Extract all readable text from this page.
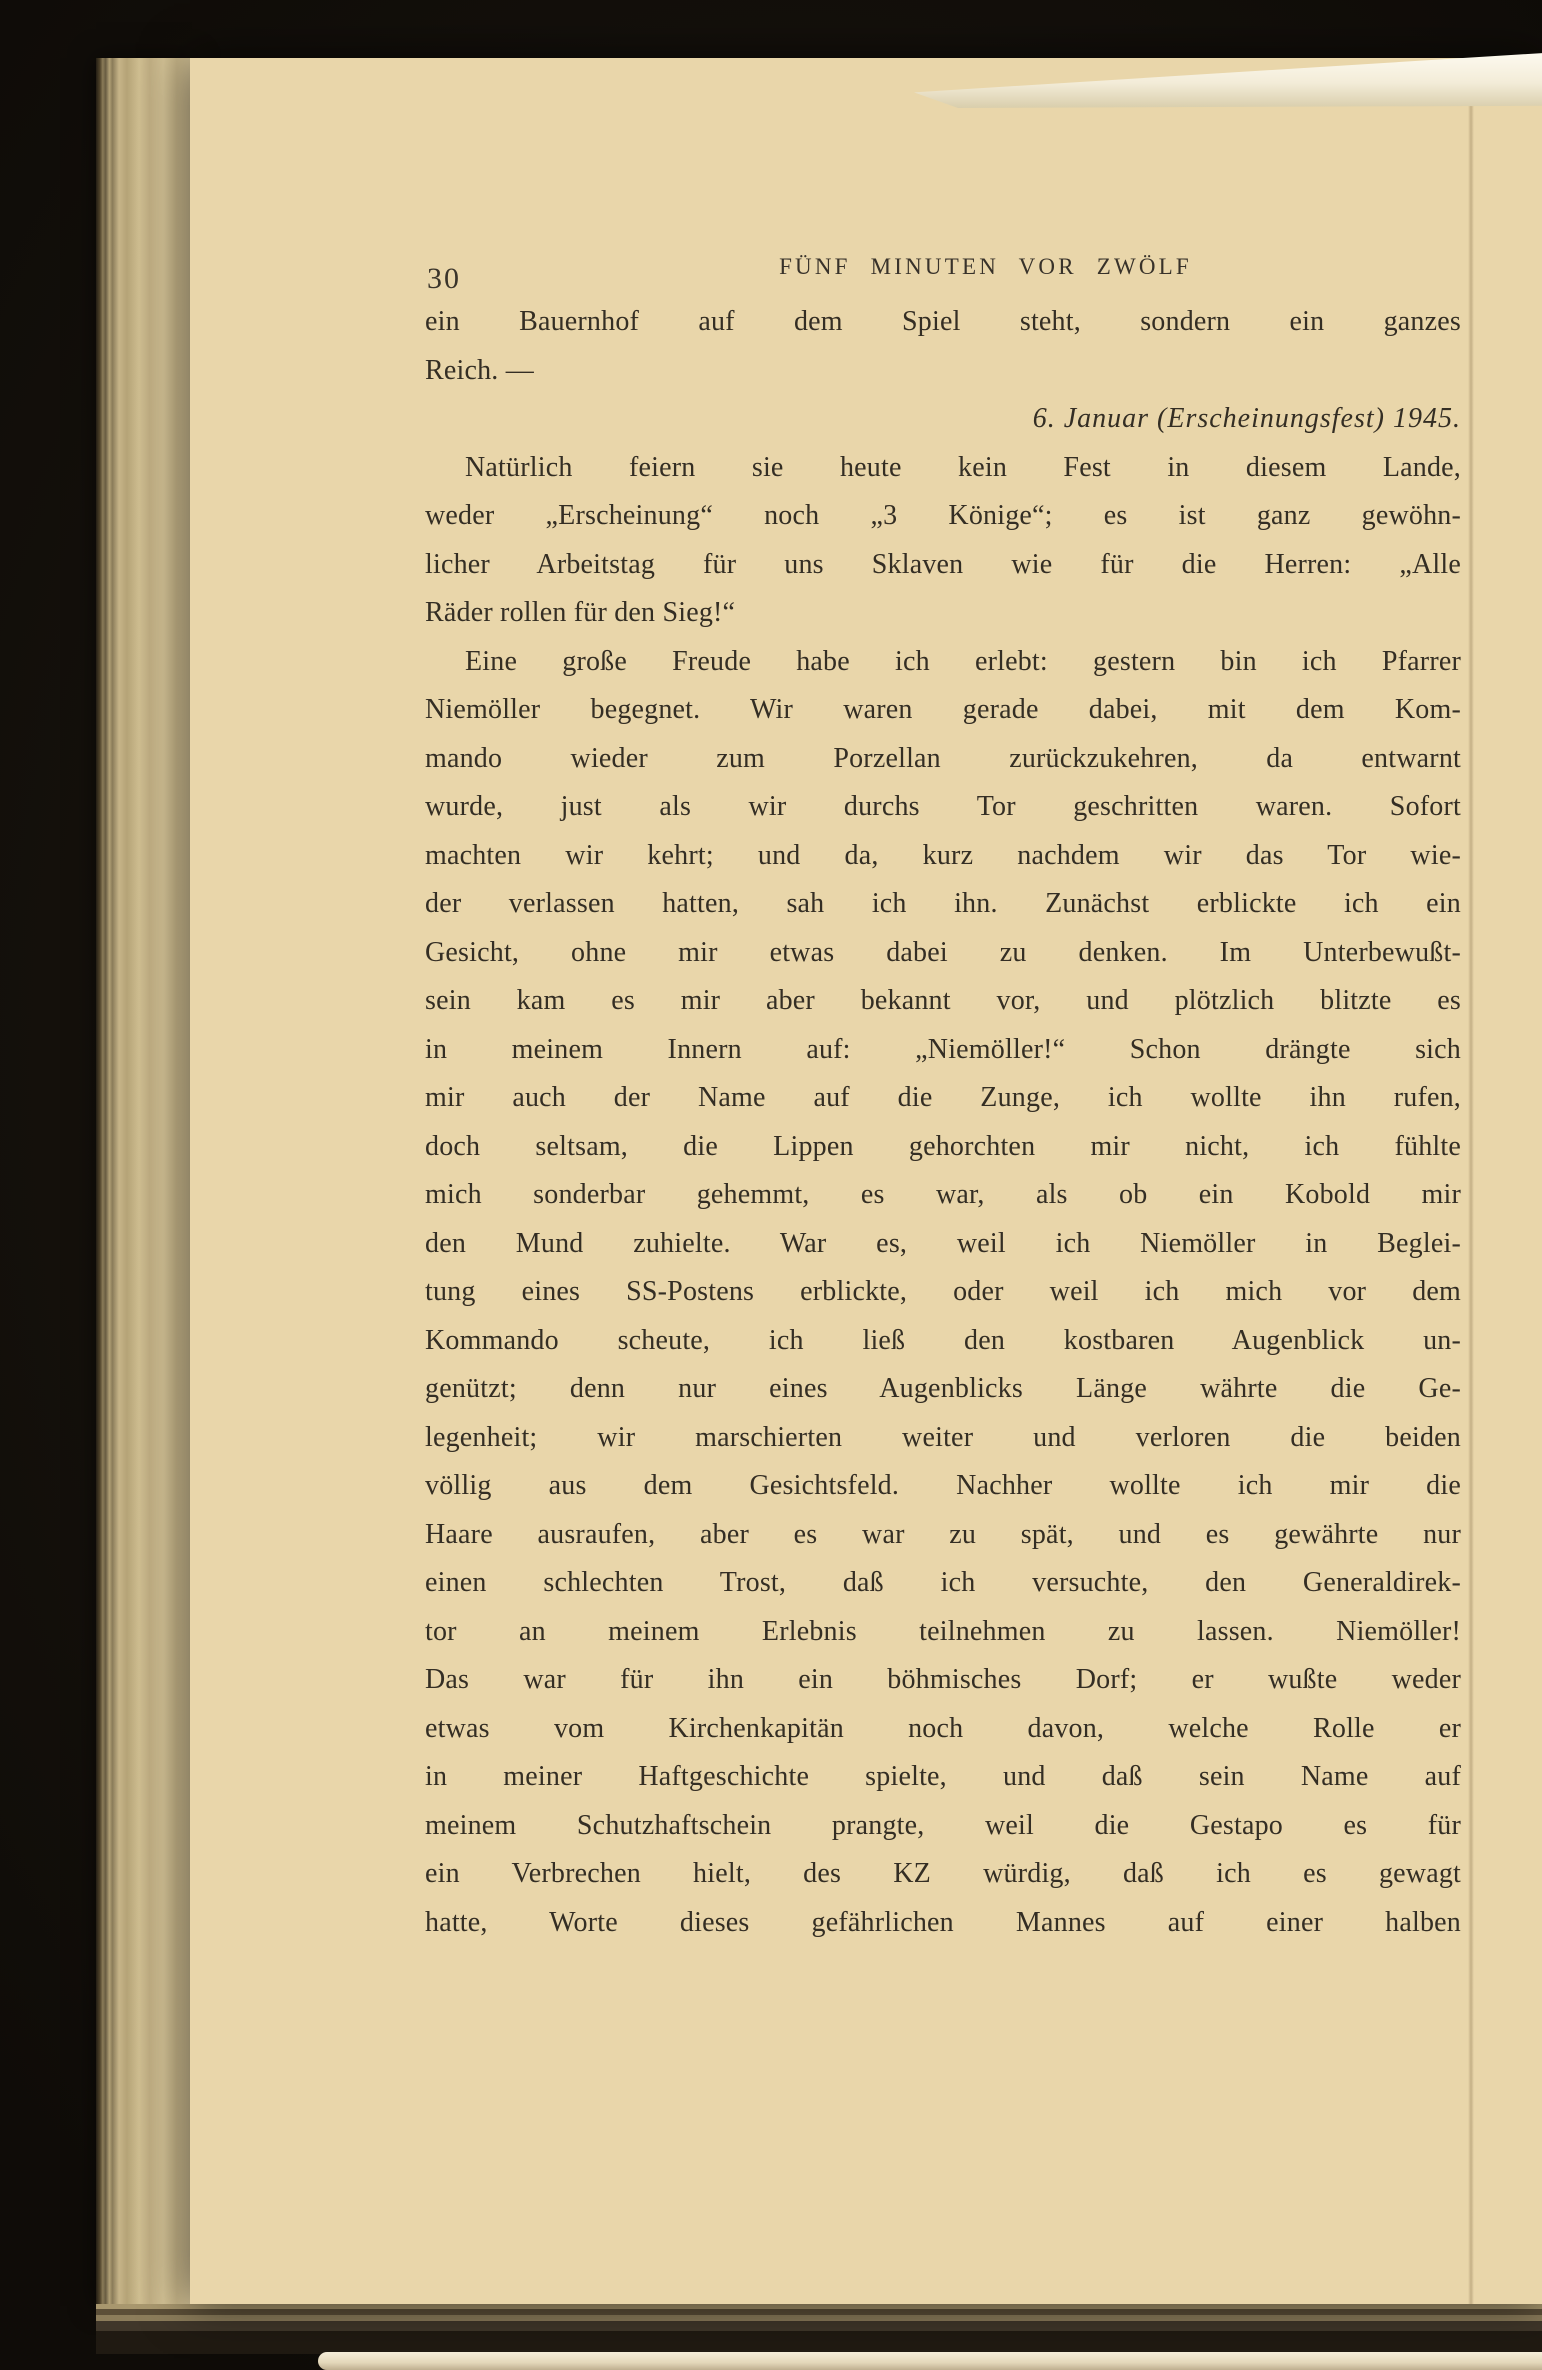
30	FÜNF MINUTEN VOR ZWÖLF
ein Bauernhof auf dem Spiel steht, sondern ein ganzes
Reich. —
6. Januar (Erscheinungsfest) 1945.
Natürlich feiern sie heute kein Fest in diesem Lande,
weder „Erscheinung“ noch „3 Könige“; es ist ganz gewöhn-
licher Arbeitstag für uns Sklaven wie für die Herren: „Alle
Räder rollen für den Sieg!“
Eine große Freude habe ich erlebt: gestern bin ich Pfarrer
Niemöller begegnet. Wir waren gerade dabei, mit dem Kom-
mando wieder zum Porzellan zurückzukehren, da entwarnt
wurde, just als wir durchs Tor geschritten waren. Sofort
machten wir kehrt; und da, kurz nachdem wir das Tor wie-
der verlassen hatten, sah ich ihn. Zunächst erblickte ich ein
Gesicht, ohne mir etwas dabei zu denken. Im Unterbewußt-
sein kam es mir aber bekannt vor, und plötzlich blitzte es
in meinem Innern auf: „Niemöller!“ Schon drängte sich
mir auch der Name auf die Zunge, ich wollte ihn rufen,
doch seltsam, die Lippen gehorchten mir nicht, ich fühlte
mich sonderbar gehemmt, es war, als ob ein Kobold mir
den Mund zuhielte. War es, weil ich Niemöller in Beglei-
tung eines SS-Postens erblickte, oder weil ich mich vor dem
Kommando scheute, ich ließ den kostbaren Augenblick un-
genützt; denn nur eines Augenblicks Länge währte die Ge-
legenheit; wir marschierten weiter und verloren die beiden
völlig aus dem Gesichtsfeld. Nachher wollte ich mir die
Haare ausraufen, aber es war zu spät, und es gewährte nur
einen schlechten Trost, daß ich versuchte, den Generaldirek-
tor an meinem Erlebnis teilnehmen zu lassen. Niemöller!
Das war für ihn ein böhmisches Dorf; er wußte weder
etwas vom Kirchenkapitän noch davon, welche Rolle er
in meiner Haftgeschichte spielte, und daß sein Name auf
meinem Schutzhaftschein prangte, weil die Gestapo es für
ein Verbrechen hielt, des KZ würdig, daß ich es gewagt
hatte, Worte dieses gefährlichen Mannes auf einer halben
